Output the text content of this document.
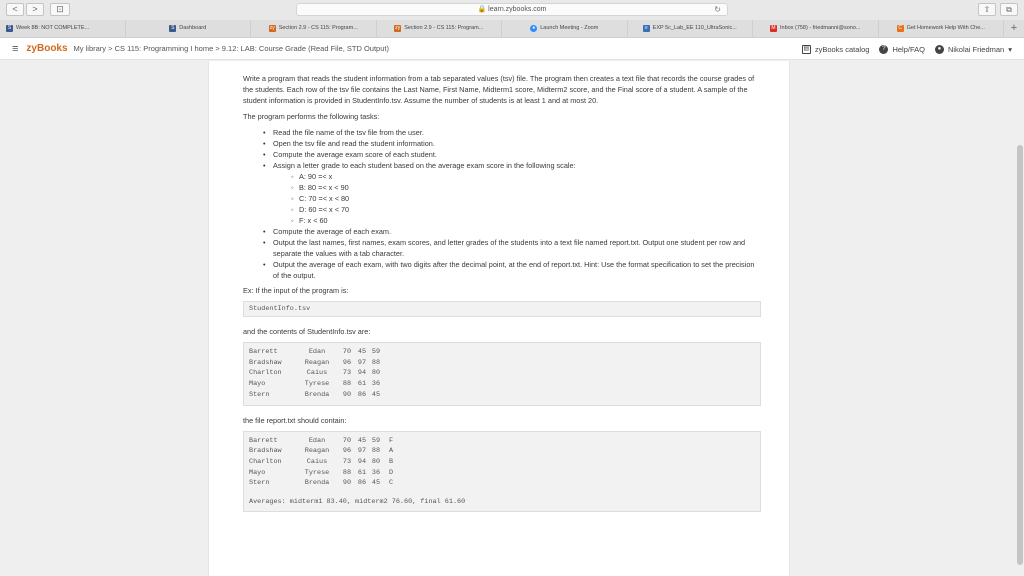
<	>	⊡	🔒 learn.zybooks.com	↻	⇧	⧉
S Week 8B: NOT COMPLETE...	S Dashboard	zy Section 2.9 - CS 115: Program...	zy Section 2.9 - CS 115: Program...	● Launch Meeting - Zoom	≡ EXP 5c_Lab_EE 110_UltraSonic...	M Inbox (758) - friedmanni@sono...	C Get Homework Help With Che...	+
≡ zyBooks My library > CS 115: Programming I home > 9.12: LAB: Course Grade (Read File, STD Output)	▤ zyBooks catalog	? Help/FAQ	● Nikolai Friedman ▾

Write a program that reads the student information from a tab separated values (tsv) file. The program then creates a text file that records the course grades of the students. Each row of the tsv file contains the Last Name, First Name, Midterm1 score, Midterm2 score, and the Final score of a student. A sample of the student information is provided in StudentInfo.tsv. Assume the number of students is at least 1 and at most 20.

The program performs the following tasks:

• Read the file name of the tsv file from the user.
• Open the tsv file and read the student information.
• Compute the average exam score of each student.
• Assign a letter grade to each student based on the average exam score in the following scale:
◦ A: 90 =< x
◦ B: 80 =< x < 90
◦ C: 70 =< x < 80
◦ D: 60 =< x < 70
◦ F: x < 60
• Compute the average of each exam.
• Output the last names, first names, exam scores, and letter grades of the students into a text file named report.txt. Output one student per row and separate the values with a tab character.
• Output the average of each exam, with two digits after the decimal point, at the end of report.txt. Hint: Use the format specification to set the precision of the output.

Ex: If the input of the program is:

StudentInfo.tsv

and the contents of StudentInfo.tsv are:

Barrett	Edan	70	45	59
Bradshaw	Reagan	96	97	88
Charlton	Caius	73	94	80
Mayo	Tyrese	88	61	36
Stern	Brenda	90	86	45

the file report.txt should contain:

Barrett	Edan	70	45	59	F
Bradshaw	Reagan	96	97	88	A
Charlton	Caius	73	94	80	B
Mayo	Tyrese	88	61	36	D
Stern	Brenda	90	86	45	C
Averages: midterm1 83.40, midterm2 76.60, final 61.60
